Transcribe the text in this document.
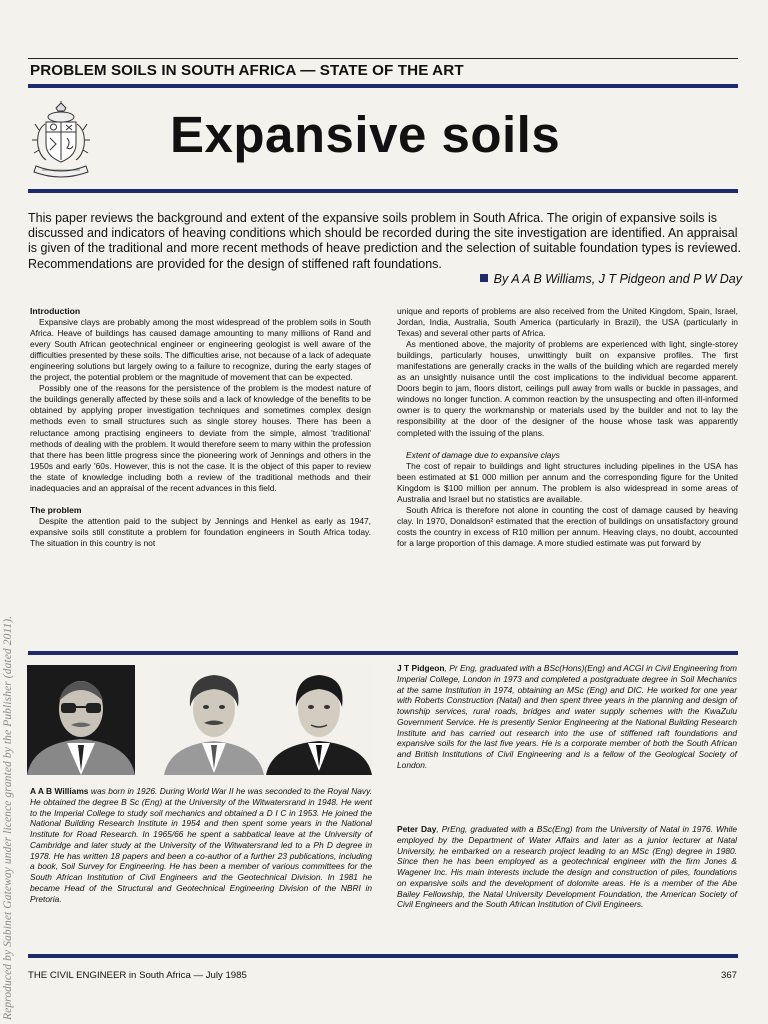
Reproduced by Sabinet Gateway under licence granted by the Publisher (dated 2011).
PROBLEM SOILS IN SOUTH AFRICA — STATE OF THE ART
Expansive soils
This paper reviews the background and extent of the expansive soils problem in South Africa. The origin of expansive soils is discussed and indicators of heaving conditions which should be recorded during the site investigation are identified. An appraisal is given of the traditional and more recent methods of heave prediction and the selection of suitable foundation types is reviewed. Recommendations are provided for the design of stiffened raft foundations.
By A A B Williams, J T Pidgeon and P W Day
Introduction

Expansive clays are probably among the most widespread of the problem soils in South Africa. Heave of buildings has caused damage amounting to many millions of Rand and every South African geotechnical engineer or engineering geologist is well aware of the difficulties presented by these soils. The difficulties arise, not because of a lack of adequate engineering solutions but largely owing to a failure to recognize, during the early stages of the project, the potential problem or the magnitude of movement that can be expected.

Possibly one of the reasons for the persistence of the problem is the modest nature of the buildings generally affected by these soils and a lack of knowledge of the benefits to be obtained by applying proper investigation techniques and sometimes complex design methods even to small structures such as single storey houses. There has been a reluctance among practising engineers to deviate from the simple, almost 'traditional' methods of dealing with the problem. It would therefore seem to many within the profession that there has been little progress since the pioneering work of Jennings and others in the 1950s and early '60s. However, this is not the case. It is the object of this paper to review the state of knowledge including both a review of the traditional methods and their inadequacies and an appraisal of the recent advances in this field.

The problem

Despite the attention paid to the subject by Jennings and Henkel as early as 1947, expansive soils still constitute a problem for foundation engineers in South Africa today. The situation in this country is not

unique and reports of problems are also received from the United Kingdom, Spain, Israel, Jordan, India, Australia, South America (particularly in Brazil), the USA (particularly in Texas) and several other parts of Africa.

As mentioned above, the majority of problems are experienced with light, single-storey buildings, particularly houses, unwittingly built on expansive profiles. The first manifestations are generally cracks in the walls of the building which are regarded merely as an unsightly nuisance until the cost implications to the individual become apparent. Doors begin to jam, floors distort, ceilings pull away from walls or buckle in passages, and windows no longer function. A common reaction by the unsuspecting and often ill-informed owner is to query the workmanship or materials used by the builder and not to lay the responsibility at the door of the designer of the house whose task was apparently completed with the issuing of the plans.

Extent of damage due to expansive clays

The cost of repair to buildings and light structures including pipelines in the USA has been estimated at $1 000 million per annum and the corresponding figure for the United Kingdom is $100 million per annum. The problem is also widespread in some areas of Australia and Israel but no statistics are available.

South Africa is therefore not alone in counting the cost of damage caused by heaving clay. In 1970, Donaldson² estimated that the erection of buildings on unsatisfactory ground costs the country in excess of R10 million per annum. Heaving clays, no doubt, accounted for a large proportion of this damage. A more studied estimate was put forward by

A A B Williams was born in 1926. During World War II he was seconded to the Royal Navy. He obtained the degree B Sc (Eng) at the University of the Witwatersrand in 1948. He went to the Imperial College to study soil mechanics and obtained a D I C in 1953. He joined the National Building Research Institute in 1954 and then spent some years in the National Institute for Road Research. In 1965/66 he spent a sabbatical leave at the University of Cambridge and later study at the University of the Witwatersrand led to a Ph D degree in 1978. He has written 18 papers and been a co-author of a further 23 publications, including a book, Soil Survey for Engineering. He has been a member of various committees for the South African Institution of Civil Engineers and the Geotechnical Division. In 1981 he became Head of the Structural and Geotechnical Engineering Division of the NBRI in Pretoria.
J T Pidgeon, Pr Eng, graduated with a BSc(Hons)(Eng) and ACGI in Civil Engineering from Imperial College, London in 1973 and completed a postgraduate degree in Soil Mechanics at the same Institution in 1974, obtaining an MSc (Eng) and DIC. He worked for one year with Roberts Construction (Natal) and then spent three years in the planning and design of township services, rural roads, bridges and water supply schemes with the KwaZulu Government Service. He is presently Senior Engineering at the National Building Research Institute and has carried out research into the use of stiffened raft foundations and expansive soils for the last five years. He is a corporate member of both the South African and British Institutions of Civil Engineering and is a fellow of the Geological Society of London.
Peter Day, PrEng, graduated with a BSc(Eng) from the University of Natal in 1976. While employed by the Department of Water Affairs and later as a junior lecturer at Natal University, he embarked on a research project leading to an MSc (Eng) degree in 1980. Since then he has been employed as a geotechnical engineer with the firm Jones & Wagener Inc. His main interests include the design and construction of piles, foundations on expansive soils and the development of dolomite areas. He is a member of the Abe Bailey Fellowship, the Natal University Development Foundation, the American Society of Civil Engineers and the South African Institution of Civil Engineers.
THE CIVIL ENGINEER in South Africa — July 1985	367
